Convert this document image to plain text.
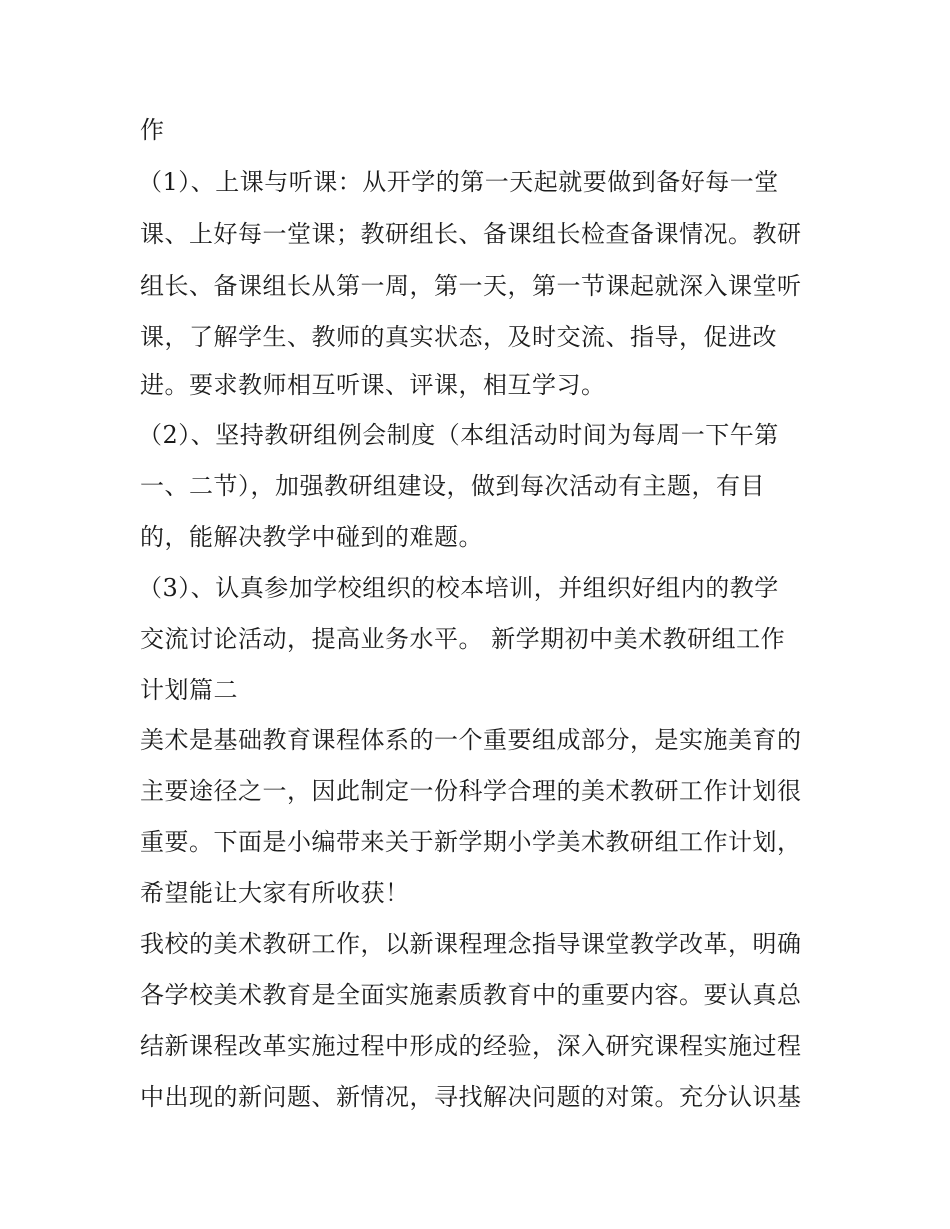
作
（1）、上课与听课：从开学的第一天起就要做到备好每一堂
课、上好每一堂课；教研组长、备课组长检查备课情况。教研
组长、备课组长从第一周，第一天，第一节课起就深入课堂听
课，了解学生、教师的真实状态，及时交流、指导，促进改
进。要求教师相互听课、评课，相互学习。
（2）、坚持教研组例会制度（本组活动时间为每周一下午第
一、二节），加强教研组建设，做到每次活动有主题，有目
的，能解决教学中碰到的难题。
（3）、认真参加学校组织的校本培训，并组织好组内的教学
交流讨论活动，提高业务水平。 新学期初中美术教研组工作
计划篇二
美术是基础教育课程体系的一个重要组成部分，是实施美育的
主要途径之一，因此制定一份科学合理的美术教研工作计划很
重要。下面是小编带来关于新学期小学美术教研组工作计划，
希望能让大家有所收获！
我校的美术教研工作，以新课程理念指导课堂教学改革，明确
各学校美术教育是全面实施素质教育中的重要内容。要认真总
结新课程改革实施过程中形成的经验，深入研究课程实施过程
中出现的新问题、新情况，寻找解决问题的对策。充分认识基
